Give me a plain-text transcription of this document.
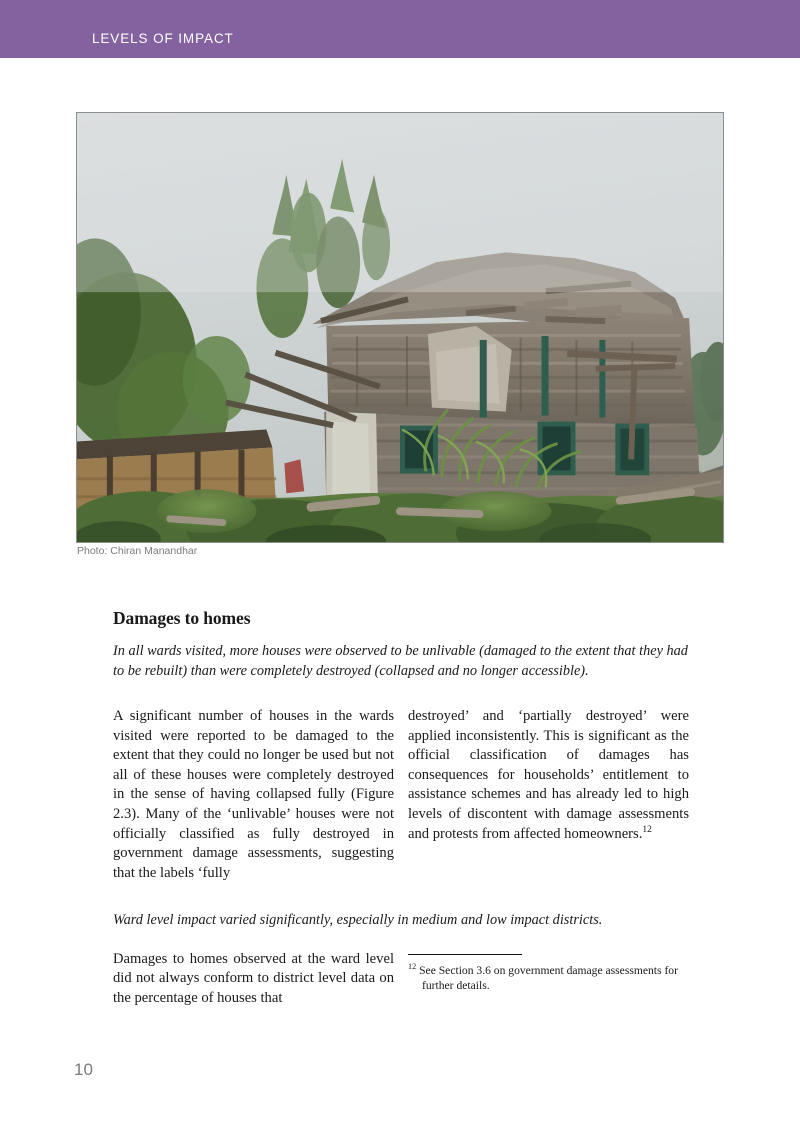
LEVELS OF IMPACT
Photo: Chiran Manandhar
Damages to homes

In all wards visited, more houses were observed to be unlivable (damaged to the extent that they had to be rebuilt) than were completely destroyed (collapsed and no longer accessible).

A significant number of houses in the wards visited were reported to be damaged to the extent that they could no longer be used but not all of these houses were completely destroyed in the sense of having collapsed fully (Figure 2.3). Many of the ‘unlivable’ houses were not officially classified as fully destroyed in government damage assessments, suggesting that the labels ‘fully

destroyed’ and ‘partially destroyed’ were applied inconsistently. This is significant as the official classification of damages has consequences for households’ entitlement to assistance schemes and has already led to high levels of discontent with damage assessments and protests from affected homeowners.$^{12}$

Ward level impact varied significantly, especially in medium and low impact districts.

Damages to homes observed at the ward level did not always conform to district level data on the percentage of houses that

$^{12}$ See Section 3.6 on government damage assessments for further details.

10
